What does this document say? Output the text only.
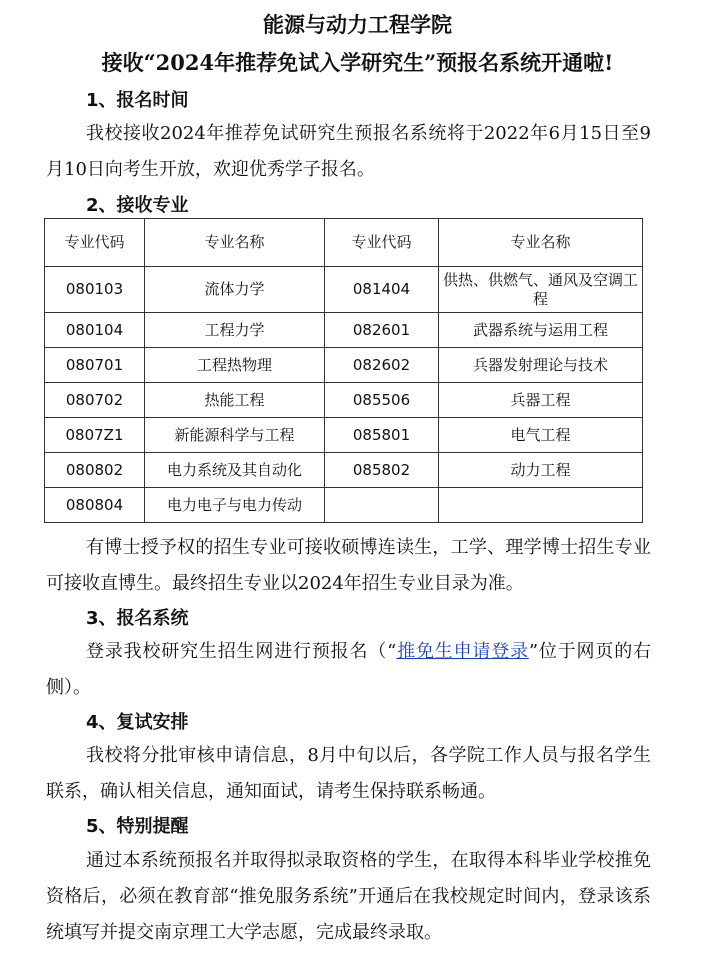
能源与动力工程学院
接收“2024年推荐免试入学研究生”预报名系统开通啦!
1、报名时间
我校接收2024年推荐免试研究生预报名系统将于2022年6月15日至9月10日向考生开放，欢迎优秀学子报名。
2、接收专业
专业代码	专业名称	专业代码	专业名称
080103	流体力学	081404	供热、供燃气、通风及空调工程
080104	工程力学	082601	武器系统与运用工程
080701	工程热物理	082602	兵器发射理论与技术
080702	热能工程	085506	兵器工程
0807Z1	新能源科学与工程	085801	电气工程
080802	电力系统及其自动化	085802	动力工程
080804	电力电子与电力传动		
有博士授予权的招生专业可接收硕博连读生，工学、理学博士招生专业可接收直博生。最终招生专业以2024年招生专业目录为准。
3、报名系统
登录我校研究生招生网进行预报名（“推免生申请登录”位于网页的右侧）。
4、复试安排
我校将分批审核申请信息，8月中旬以后，各学院工作人员与报名学生联系，确认相关信息，通知面试，请考生保持联系畅通。
5、特别提醒
通过本系统预报名并取得拟录取资格的学生，在取得本科毕业学校推免资格后，必须在教育部“推免服务系统”开通后在我校规定时间内，登录该系统填写并提交南京理工大学志愿，完成最终录取。
